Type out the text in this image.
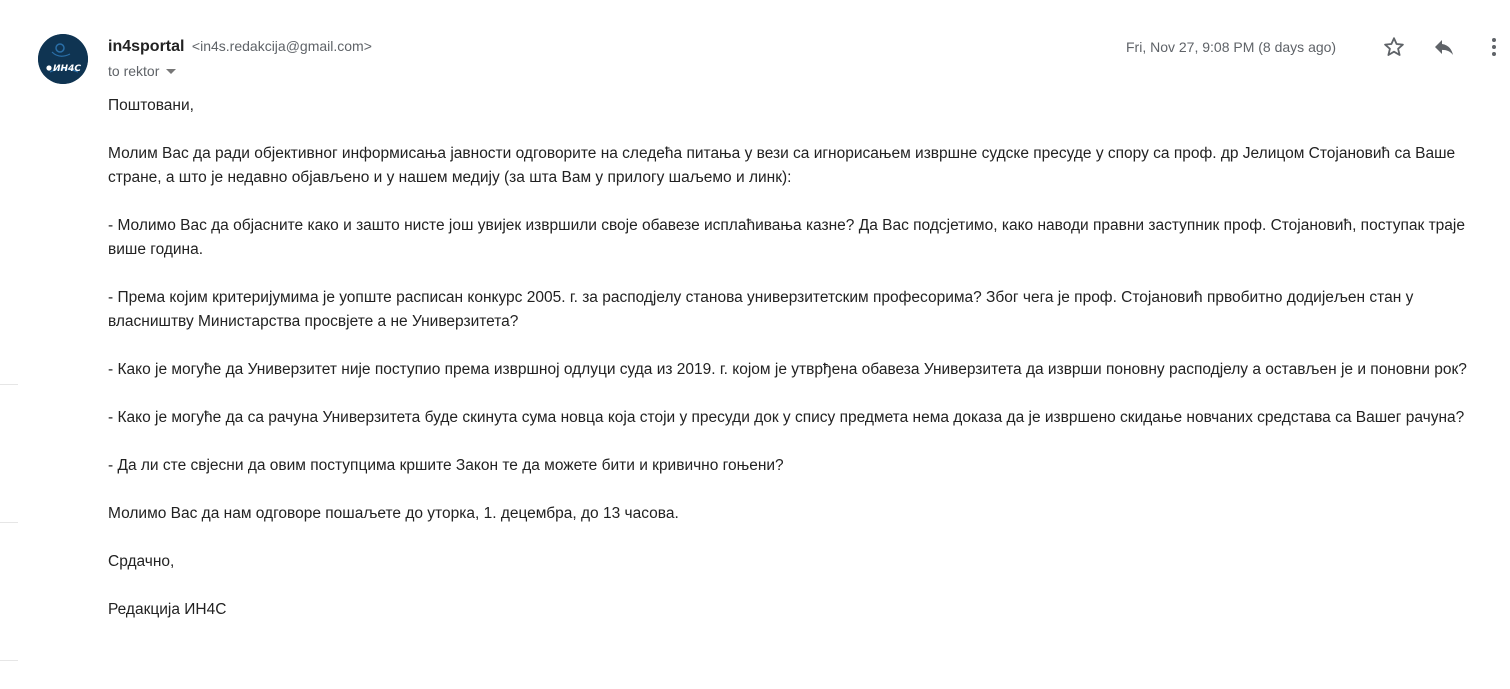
ИН4С
in4sportal <in4s.redakcija@gmail.com>
to rektor
Fri, Nov 27, 9:08 PM (8 days ago)

Поштовани,

Молим Вас да ради објективног информисања јавности одговорите на следећа питања у вези са игнорисањем извршне судске пресуде у спору са проф. др Јелицом Стојановић са Ваше стране, а што је недавно објављено и у нашем медију (за шта Вам у прилогу шаљемо и линк):

- Молимо Вас да објасните како и зашто нисте још увијек извршили своје обавезе исплаћивања казне? Да Вас подсјетимо, како наводи правни заступник проф. Стојановић, поступак траје више година.

- Према којим критеријумима је уопште расписан конкурс 2005. г. за расподјелу станова универзитетским професорима? Због чега је проф. Стојановић првобитно додијељен стан у власништву Министарства просвјете а не Универзитета?

- Како је могуће да Универзитет није поступио према извршној одлуци суда из 2019. г. којом је утврђена обавеза Универзитета да изврши поновну расподјелу а остављен је и поновни рок?

- Како је могуће да са рачуна Универзитета буде скинута сума новца која стоји у пресуди док у спису предмета нема доказа да је извршено скидање новчаних средстава са Вашег рачуна?

- Да ли сте свјесни да овим поступцима кршите Закон те да можете бити и кривично гоњени?

Молимо Вас да нам одговоре пошаљете до уторка, 1. децембра, до 13 часова.

Срдачно,

Редакција ИН4С
